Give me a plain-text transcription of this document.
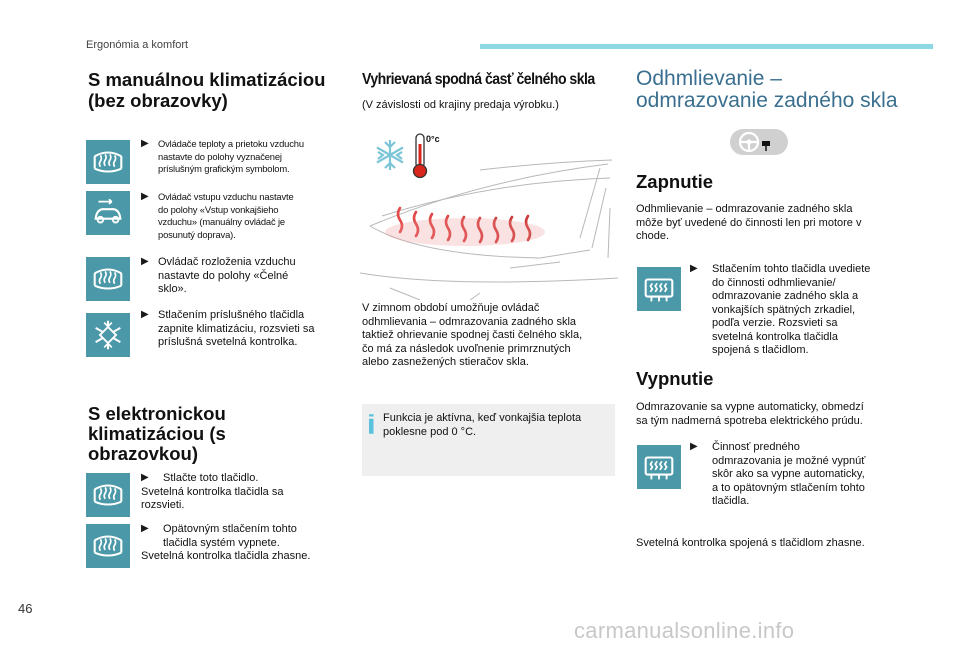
Ergonómia a komfort
S manuálnou klimatizáciou
(bez obrazovky)
▶ Ovládače teploty a prietoku vzduchu
nastavte do polohy vyznačenej
príslušným grafickým symbolom.
▶ Ovládač vstupu vzduchu nastavte
do polohy «Vstup vonkajšieho
vzduchu» (manuálny ovládač je
posunutý doprava).
▶ Ovládač rozloženia vzduchu
nastavte do polohy «Čelné
sklo».
▶ Stlačením príslušného tlačidla
zapnite klimatizáciu, rozsvieti sa
príslušná svetelná kontrolka.
S elektronickou
klimatizáciou (s
obrazovkou)
▶ Stlačte toto tlačidlo.
Svetelná kontrolka tlačidla sa
rozsvieti.
▶ Opätovným stlačením tohto
tlačidla systém vypnete.
Svetelná kontrolka tlačidla zhasne.
Vyhrievaná spodná časť čelného skla
(V závislosti od krajiny predaja výrobku.)
0°c
V zimnom období umožňuje ovládač
odhmlievania – odmrazovania zadného skla
taktiež ohrievanie spodnej časti čelného skla,
čo má za následok uvoľnenie primrznutých
alebo zasnežených stieračov skla.
Funkcia je aktívna, keď vonkajšia teplota
poklesne pod 0 °C.
Odhmlievanie –
odmrazovanie zadného skla
Zapnutie
Odhmlievanie – odmrazovanie zadného skla
môže byť uvedené do činnosti len pri motore v
chode.
▶ Stlačením tohto tlačidla uvediete
do činnosti odhmlievanie/
odmrazovanie zadného skla a
vonkajších spätných zrkadiel,
podľa verzie. Rozsvieti sa
svetelná kontrolka tlačidla
spojená s tlačidlom.
Vypnutie
Odmrazovanie sa vypne automaticky, obmedzí
sa tým nadmerná spotreba elektrického prúdu.
▶ Činnosť predného
odmrazovania je možné vypnúť
skôr ako sa vypne automaticky,
a to opätovným stlačením tohto
tlačidla.
Svetelná kontrolka spojená s tlačidlom zhasne.
46
carmanualsonline.info
